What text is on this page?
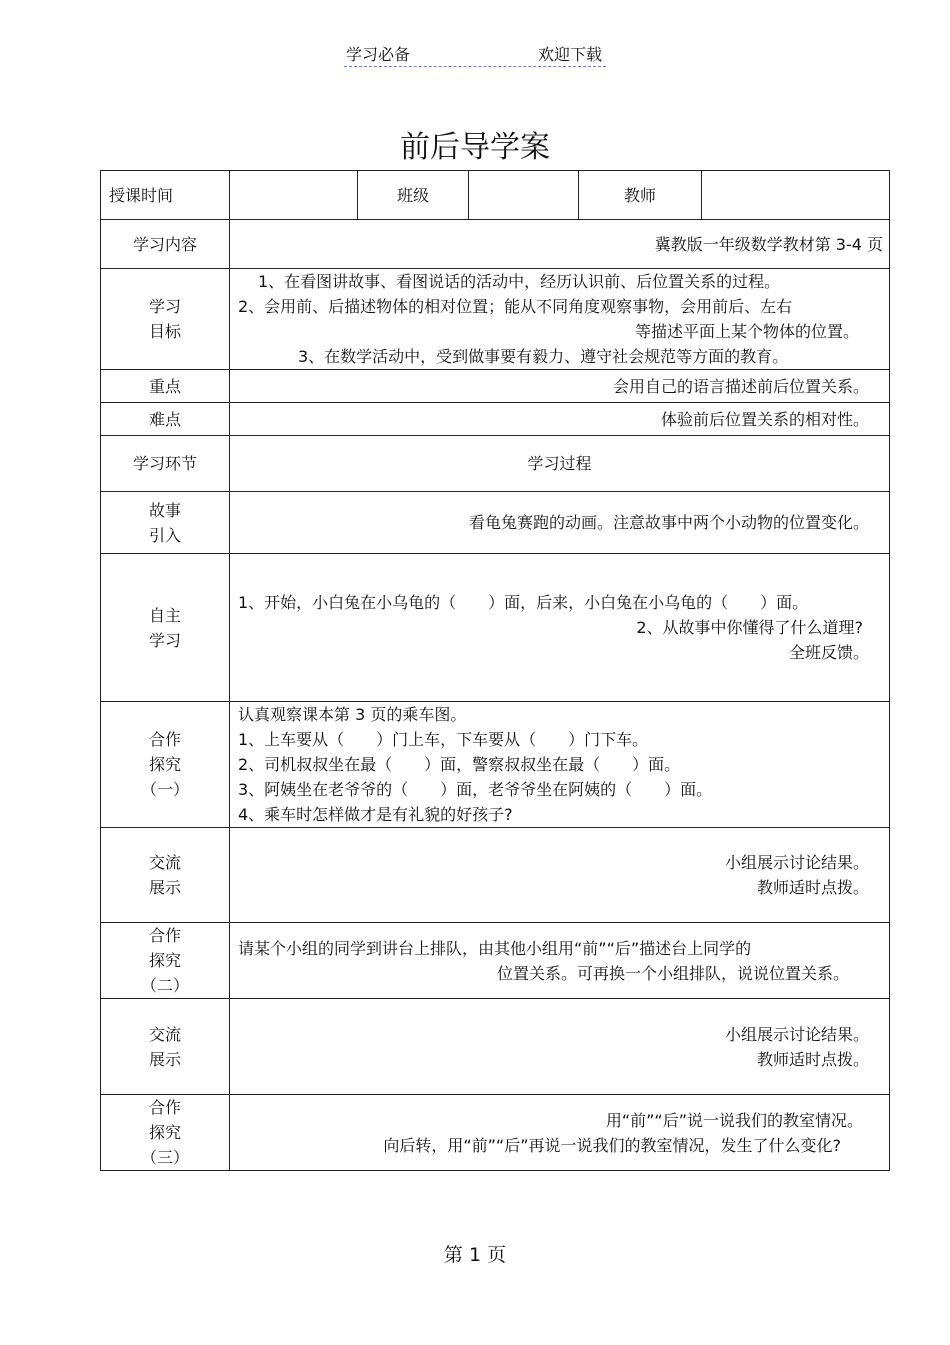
学习必备	欢迎下载
前后导学案
授课时间		班级		教师	
学习内容	冀教版一年级数学教材第 3-4 页				

学习
目标	1、在看图讲故事、看图说话的活动中，经历认识前、后位置关系的过程。
2、会用前、后描述物体的相对位置；能从不同角度观察事物，会用前后、左右
等描述平面上某个物体的位置。
3、在数学活动中，受到做事要有毅力、遵守社会规范等方面的教育。				

重点	会用自己的语言描述前后位置关系。				
难点	体验前后位置关系的相对性。				
学习环节	学习过程				

故事
引入	看龟兔赛跑的动画。注意故事中两个小动物的位置变化。				

自主
学习	1、开始，小白兔在小乌龟的（　　）面，后来，小白兔在小乌龟的（　　）面。
2、从故事中你懂得了什么道理?
全班反馈。				

合作
探究
（一）	认真观察课本第 3 页的乘车图。
1、上车要从（　　）门上车，下车要从（　　）门下车。
2、司机叔叔坐在最（　　）面，警察叔叔坐在最（　　）面。
3、阿姨坐在老爷爷的（　　）面，老爷爷坐在阿姨的（　　）面。
4、乘车时怎样做才是有礼貌的好孩子?				

交流
展示	小组展示讨论结果。
教师适时点拨。				

合作
探究
（二）	请某个小组的同学到讲台上排队，由其他小组用“前”“后”描述台上同学的
位置关系。可再换一个小组排队，说说位置关系。				

交流
展示	小组展示讨论结果。
教师适时点拨。				

合作
探究
（三）	用“前”“后”说一说我们的教室情况。
向后转，用“前”“后”再说一说我们的教室情况，发生了什么变化?				
第 1 页
